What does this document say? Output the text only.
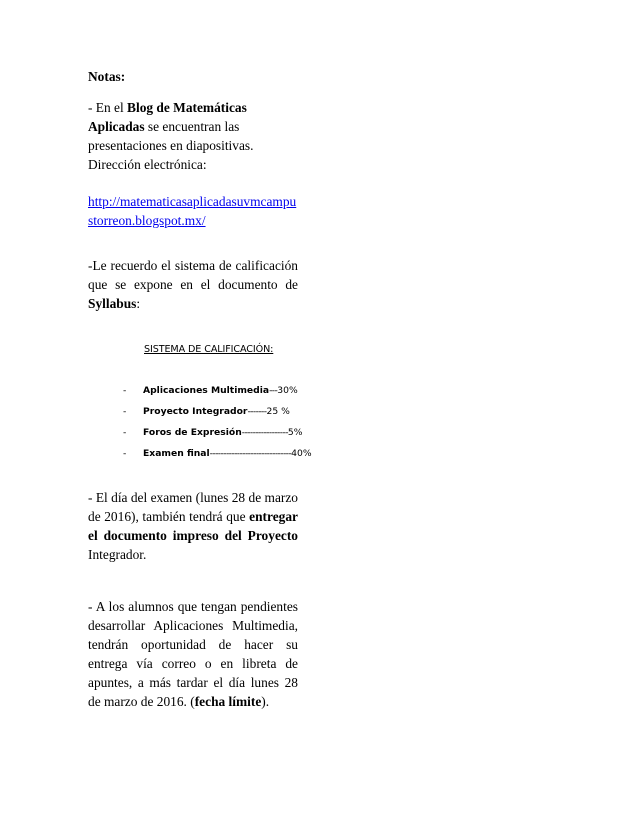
Notas:
- En el Blog de Matemáticas Aplicadas se encuentran las presentaciones en diapositivas. Dirección electrónica:
http://matematicasaplicadasuvmcampustorreon.blogspot.mx/
-Le recuerdo el sistema de calificación que se expone en el documento de Syllabus:
SISTEMA DE CALIFICACIÓN:
- Aplicaciones Multimedia---30%
- Proyecto Integrador-------25 %
- Foros de Expresión-----------------5%
- Examen final------------------------------40%
- El día del examen (lunes 28 de marzo de 2016), también tendrá que entregar el documento impreso del Proyecto Integrador.
- A los alumnos que tengan pendientes desarrollar Aplicaciones Multimedia, tendrán oportunidad de hacer su entrega vía correo o en libreta de apuntes, a más tardar el día lunes 28 de marzo de 2016. (fecha límite).
